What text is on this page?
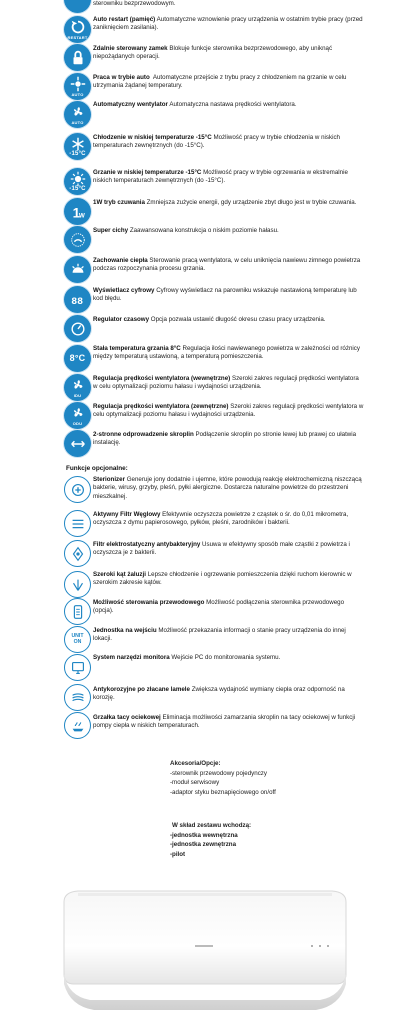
sterowniku bezprzewodowym.
RESTART
Auto restart (pamięć) Automatyczne wznowienie pracy urządzenia w ostatnim trybie pracy (przed zaniknięciem zasilania).
Zdalnie sterowany zamek Blokuje funkcje sterownika bezprzewodowego, aby uniknąć niepożądanych operacji.
AUTO
Praca w trybie auto Automatyczne przejście z trybu pracy z chłodzeniem na grzanie w celu utrzymania żądanej temperatury.
AUTO
Automatyczny wentylator Automatyczna nastawa prędkości wentylatora.
-15°C
Chłodzenie w niskiej temperaturze -15°C Możliwość pracy w trybie chłodzenia w niskich temperaturach zewnętrznych (do -15°C).
-15°C
Grzanie w niskiej temperaturze -15°C Możliwość pracy w trybie ogrzewania w ekstremalnie niskich temperaturach zewnętrznych (do -15°C).
1
W
1W tryb czuwania Zmniejsza zużycie energii, gdy urządzenie zbyt długo jest w trybie czuwania.
Super cichy Zaawansowana konstrukcja o niskim poziomie hałasu.
Zachowanie ciepła Sterowanie pracą wentylatora, w celu uniknięcia nawiewu zimnego powietrza podczas rozpoczynania procesu grzania.
88
Wyświetlacz cyfrowy Cyfrowy wyświetlacz na parowniku wskazuje nastawioną temperaturę lub kod błędu.
Regulator czasowy Opcja pozwala ustawić długość okresu czasu pracy urządzenia.
8°C
Stała temperatura grzania 8°C Regulacja ilości nawiewanego powietrza w zależności od różnicy między temperaturą ustawioną, a temperaturą pomieszczenia.
IDU
Regulacja prędkości wentylatora (wewnętrzne) Szeroki zakres regulacji prędkości wentylatora w celu optymalizacji poziomu hałasu i wydajności urządzenia.
ODU
Regulacja prędkości wentylatora (zewnętrzne) Szeroki zakres regulacji prędkości wentylatora w celu optymalizacji poziomu hałasu i wydajności urządzenia.
2-stronne odprowadzenie skroplin Podłączenie skroplin po stronie lewej lub prawej co ułatwia instalację.
Funkcje opcjonalne:
Sterionizer Generuje jony dodatnie i ujemne, które powodują reakcję elektrochemiczną niszczącą bakterie, wirusy, grzyby, pleśń, pyłki alergiczne. Dostarcza naturalne powietrze do przestrzeni mieszkalnej.
Aktywny Filtr Węglowy Efektywnie oczyszcza powietrze z cząstek o śr. do 0,01 mikrometra, oczyszcza z dymu papierosowego, pyłków, pleśni, zarodników i bakterii.
Filtr elektrostatyczny antybakteryjny Usuwa w efektywny sposób małe cząstki z powietrza i oczyszcza je z bakterii.
Szeroki kąt żaluzji Lepsze chłodzenie i ogrzewanie pomieszczenia dzięki ruchom kierownic w szerokim zakresie kątów.
Możliwość sterowania przewodowego Możliwość podłączenia sterownika przewodowego (opcja).
UNIT ON
Jednostka na wejściu Możliwość przekazania informacji o stanie pracy urządzenia do innej lokacji.
System narzędzi monitora Wejście PC do monitorowania systemu.
Antykorozyjne po złacane lamele Zwiększa wydajność wymiany ciepła oraz odporność na korozję.
Grzałka tacy ociekowej Eliminacja możliwości zamarzania skroplin na tacy ociekowej w funkcji pompy ciepła w niskich temperaturach.
Akcesoria/Opcje:
-sterownik przewodowy pojedynczy
-moduł serwisowy
-adaptor styku beznapięciowego on/off
W skład zestawu wchodzą:
-jednostka wewnętrzna
-jednostka zewnętrzna
-pilot
